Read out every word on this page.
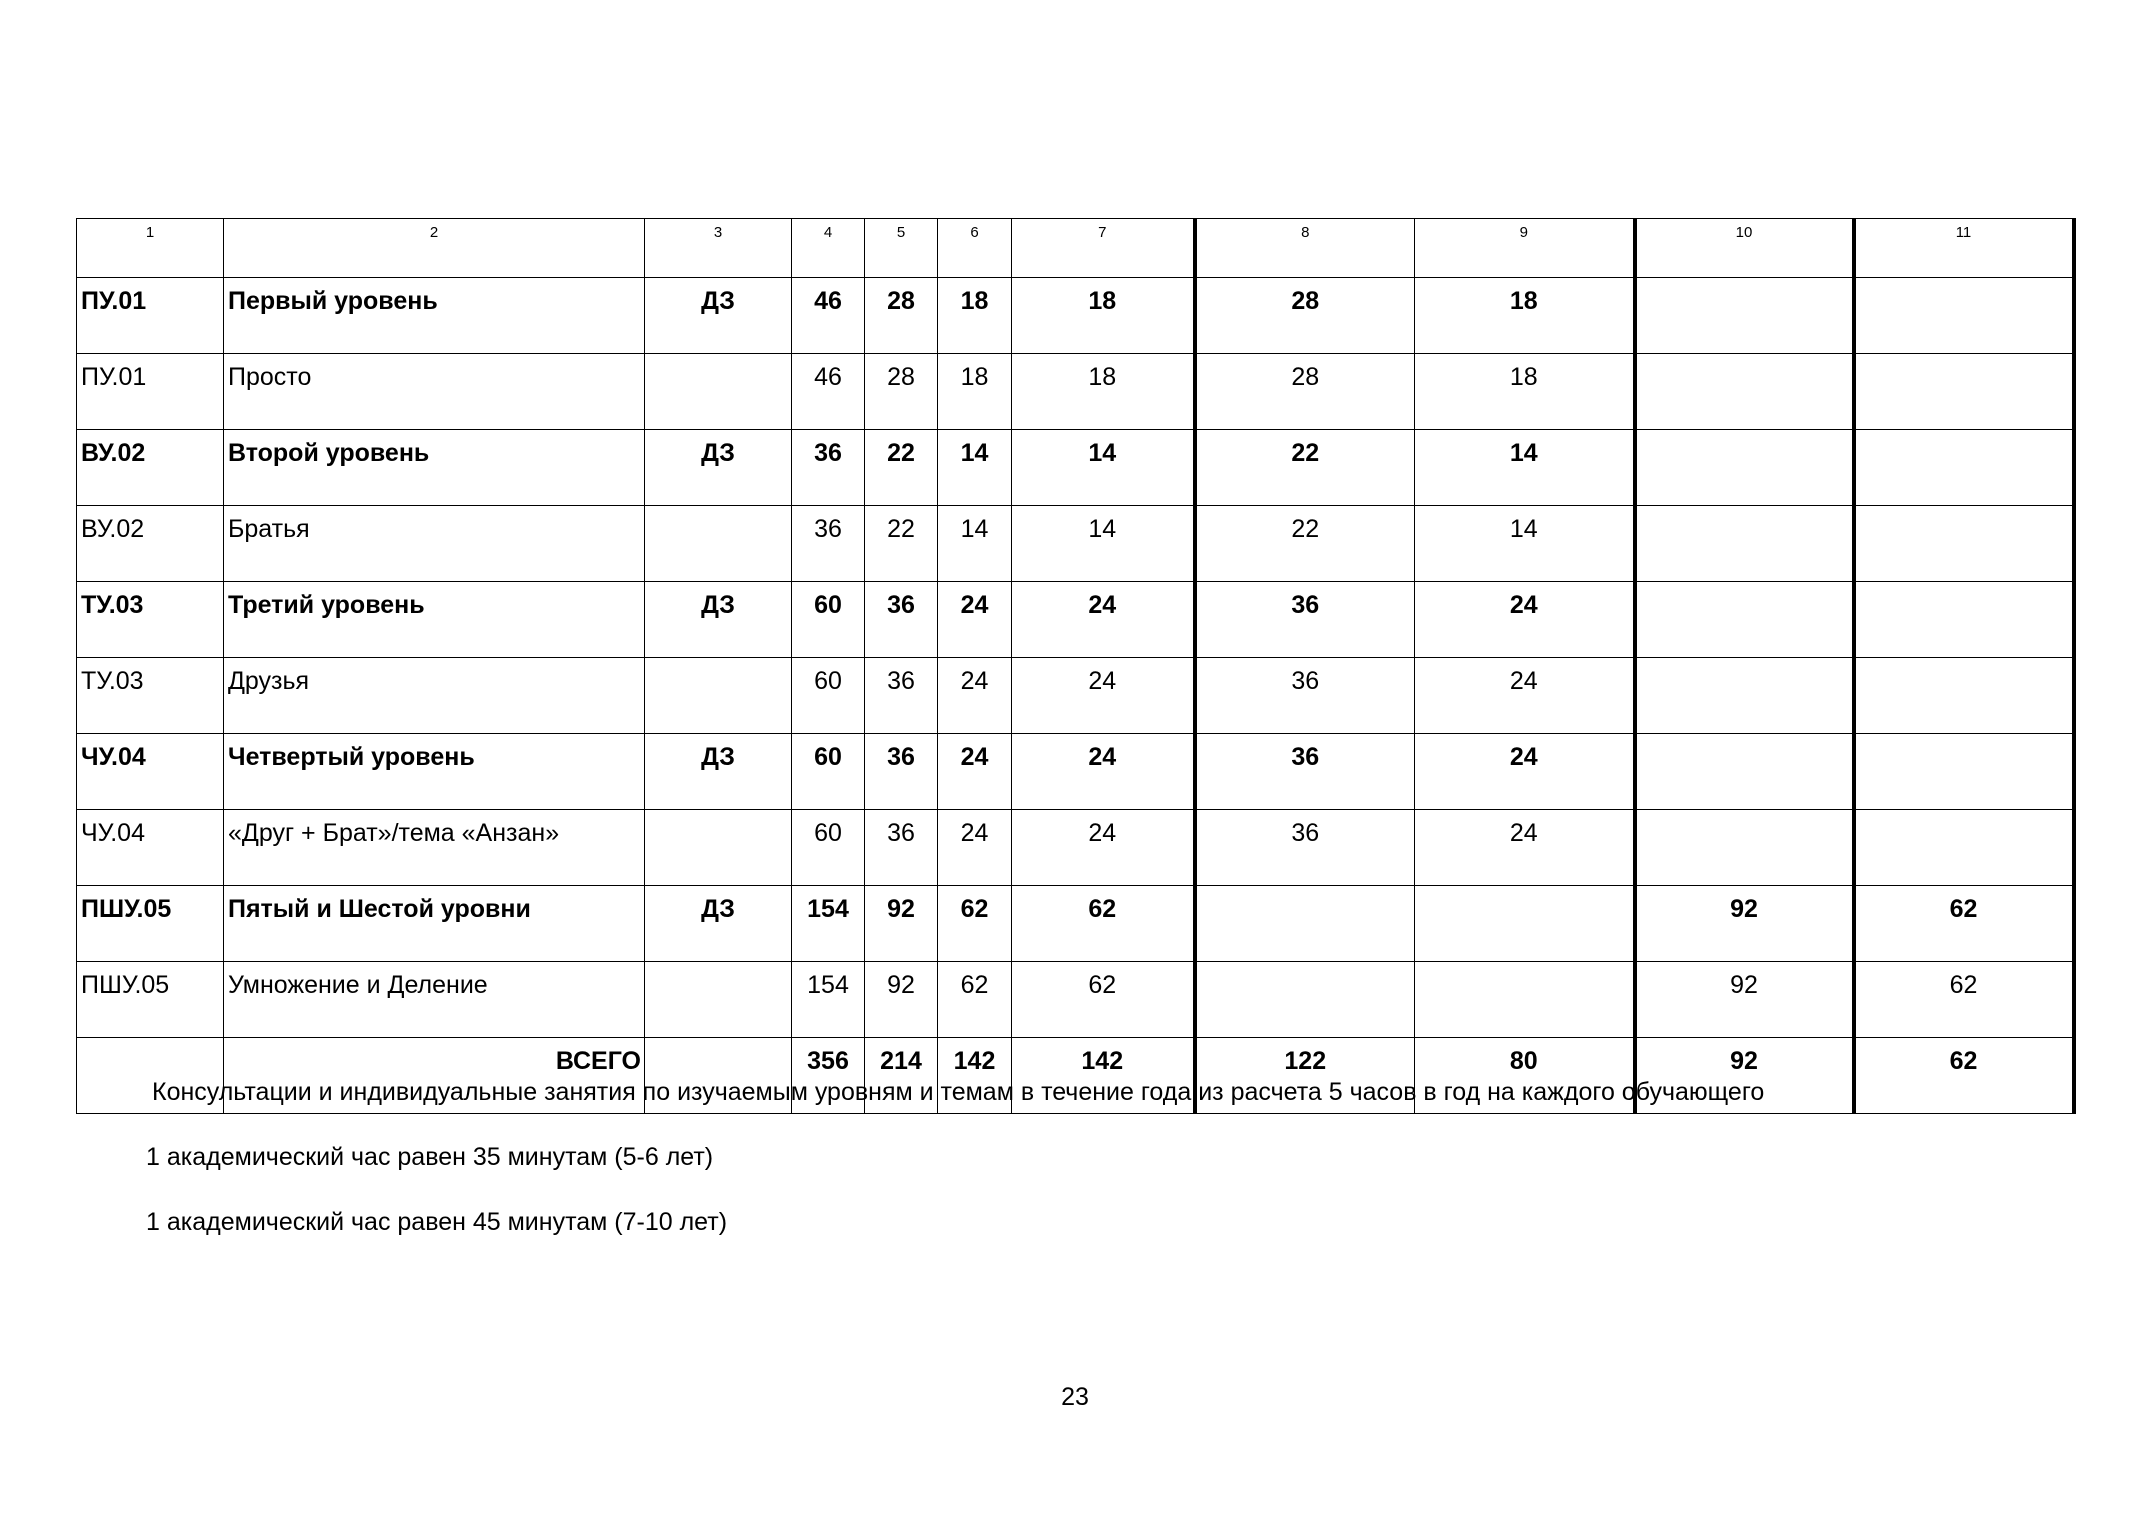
1	2	3	4	5	6	7	8	9	10	11
ПУ.01	Первый уровень	ДЗ	46	28	18	18	28	18		
ПУ.01	Просто		46	28	18	18	28	18		
ВУ.02	Второй уровень	ДЗ	36	22	14	14	22	14		
ВУ.02	Братья		36	22	14	14	22	14		
ТУ.03	Третий уровень	ДЗ	60	36	24	24	36	24		
ТУ.03	Друзья		60	36	24	24	36	24		
ЧУ.04	Четвертый уровень	ДЗ	60	36	24	24	36	24		
ЧУ.04	«Друг + Брат»/тема «Анзан»		60	36	24	24	36	24		
ПШУ.05	Пятый и Шестой уровни	ДЗ	154	92	62	62			92	62
ПШУ.05	Умножение и Деление		154	92	62	62			92	62
	ВСЕГО		356	214	142	142	122	80	92	62
Консультации и индивидуальные занятия по изучаемым уровням и темам в течение года из расчета 5 часов в год на каждого обучающего
1 академический час равен 35 минутам (5-6 лет)
1 академический час равен 45 минутам (7-10 лет)
23
